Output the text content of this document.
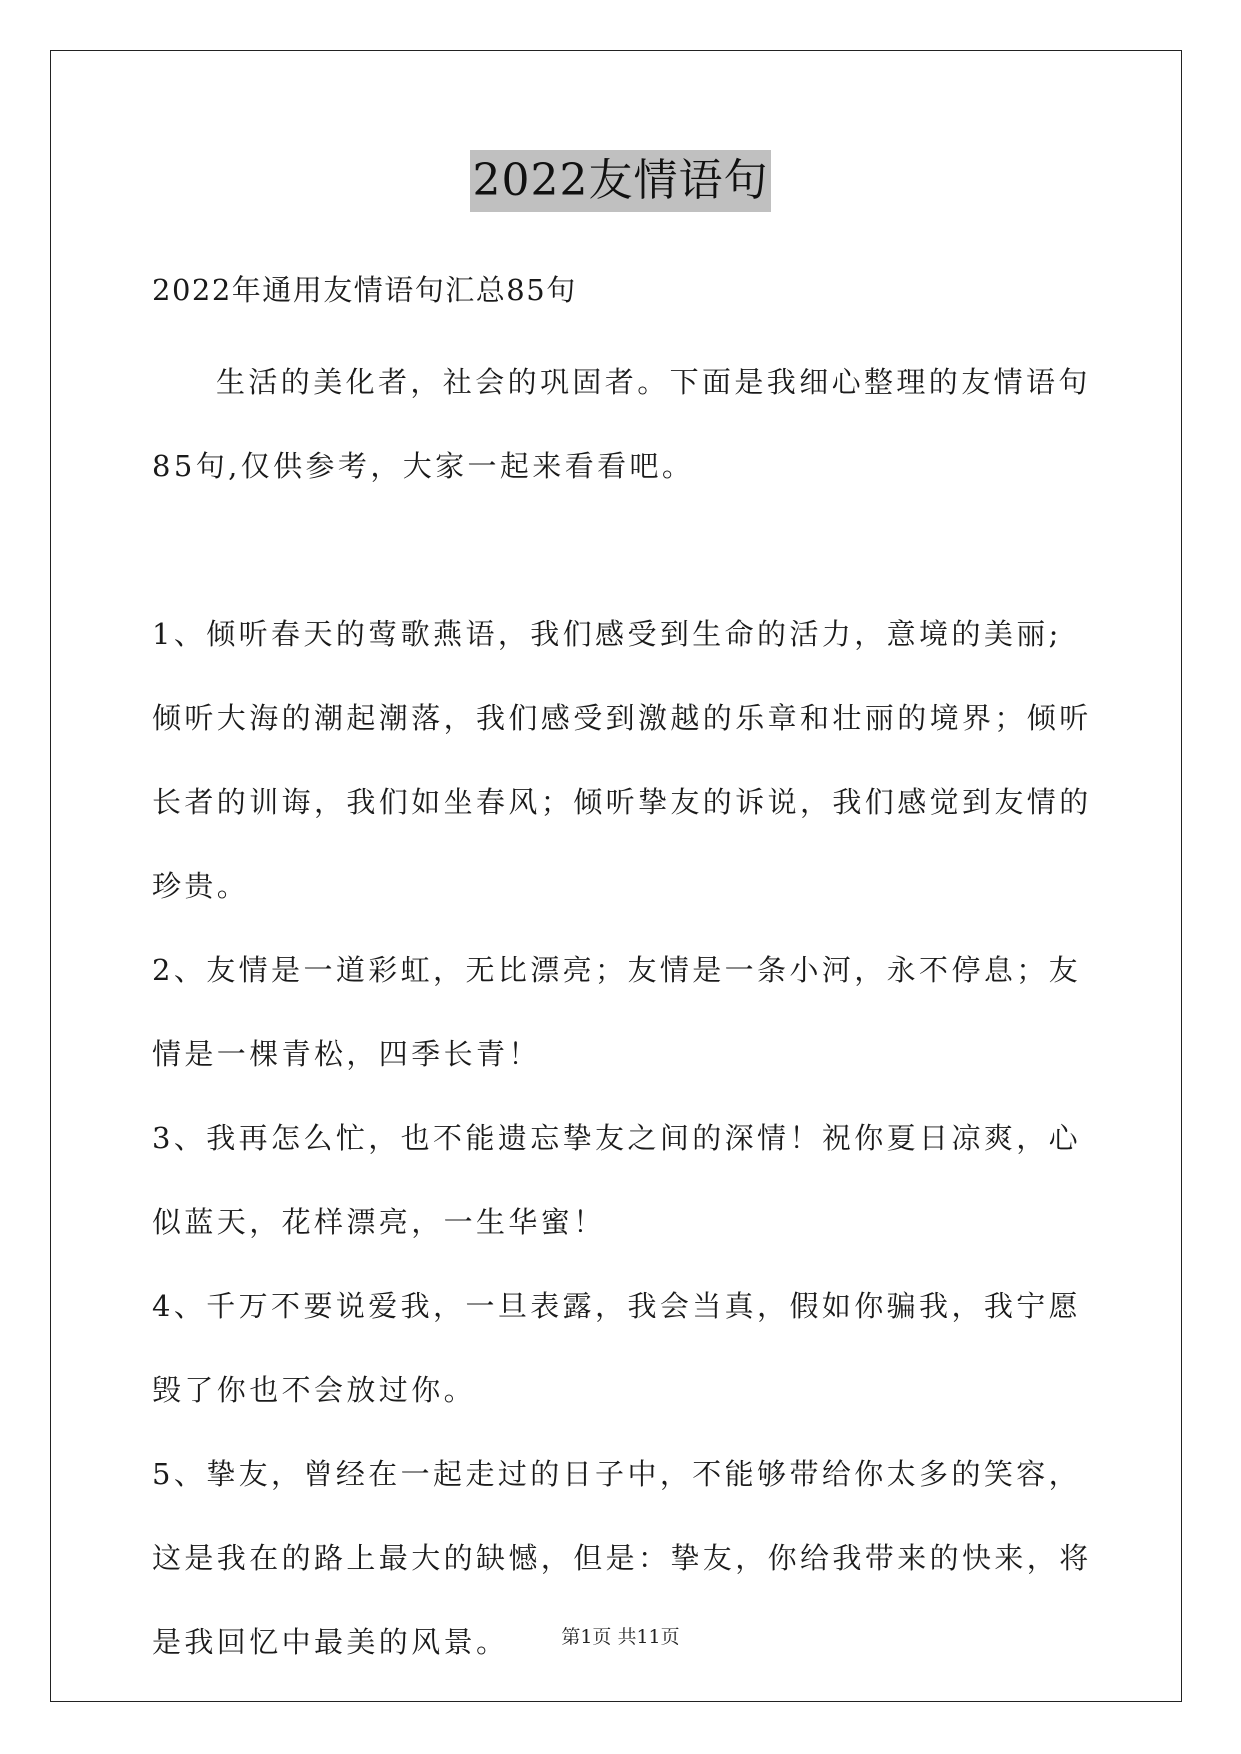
2022友情语句

2022年通用友情语句汇总85句

生活的美化者，社会的巩固者。下面是我细心整理的友情语句85句,仅供参考，大家一起来看看吧。

1、倾听春天的莺歌燕语，我们感受到生命的活力，意境的美丽;倾听大海的潮起潮落，我们感受到激越的乐章和壮丽的境界；倾听长者的训诲，我们如坐春风；倾听挚友的诉说，我们感觉到友情的珍贵。

2、友情是一道彩虹，无比漂亮；友情是一条小河，永不停息；友情是一棵青松，四季长青！

3、我再怎么忙，也不能遗忘挚友之间的深情！祝你夏日凉爽，心似蓝天，花样漂亮，一生华蜜！

4、千万不要说爱我，一旦表露，我会当真，假如你骗我，我宁愿毁了你也不会放过你。

5、挚友，曾经在一起走过的日子中，不能够带给你太多的笑容，这是我在的路上最大的缺憾，但是：挚友，你给我带来的快来，将是我回忆中最美的风景。	第1页 共11页
